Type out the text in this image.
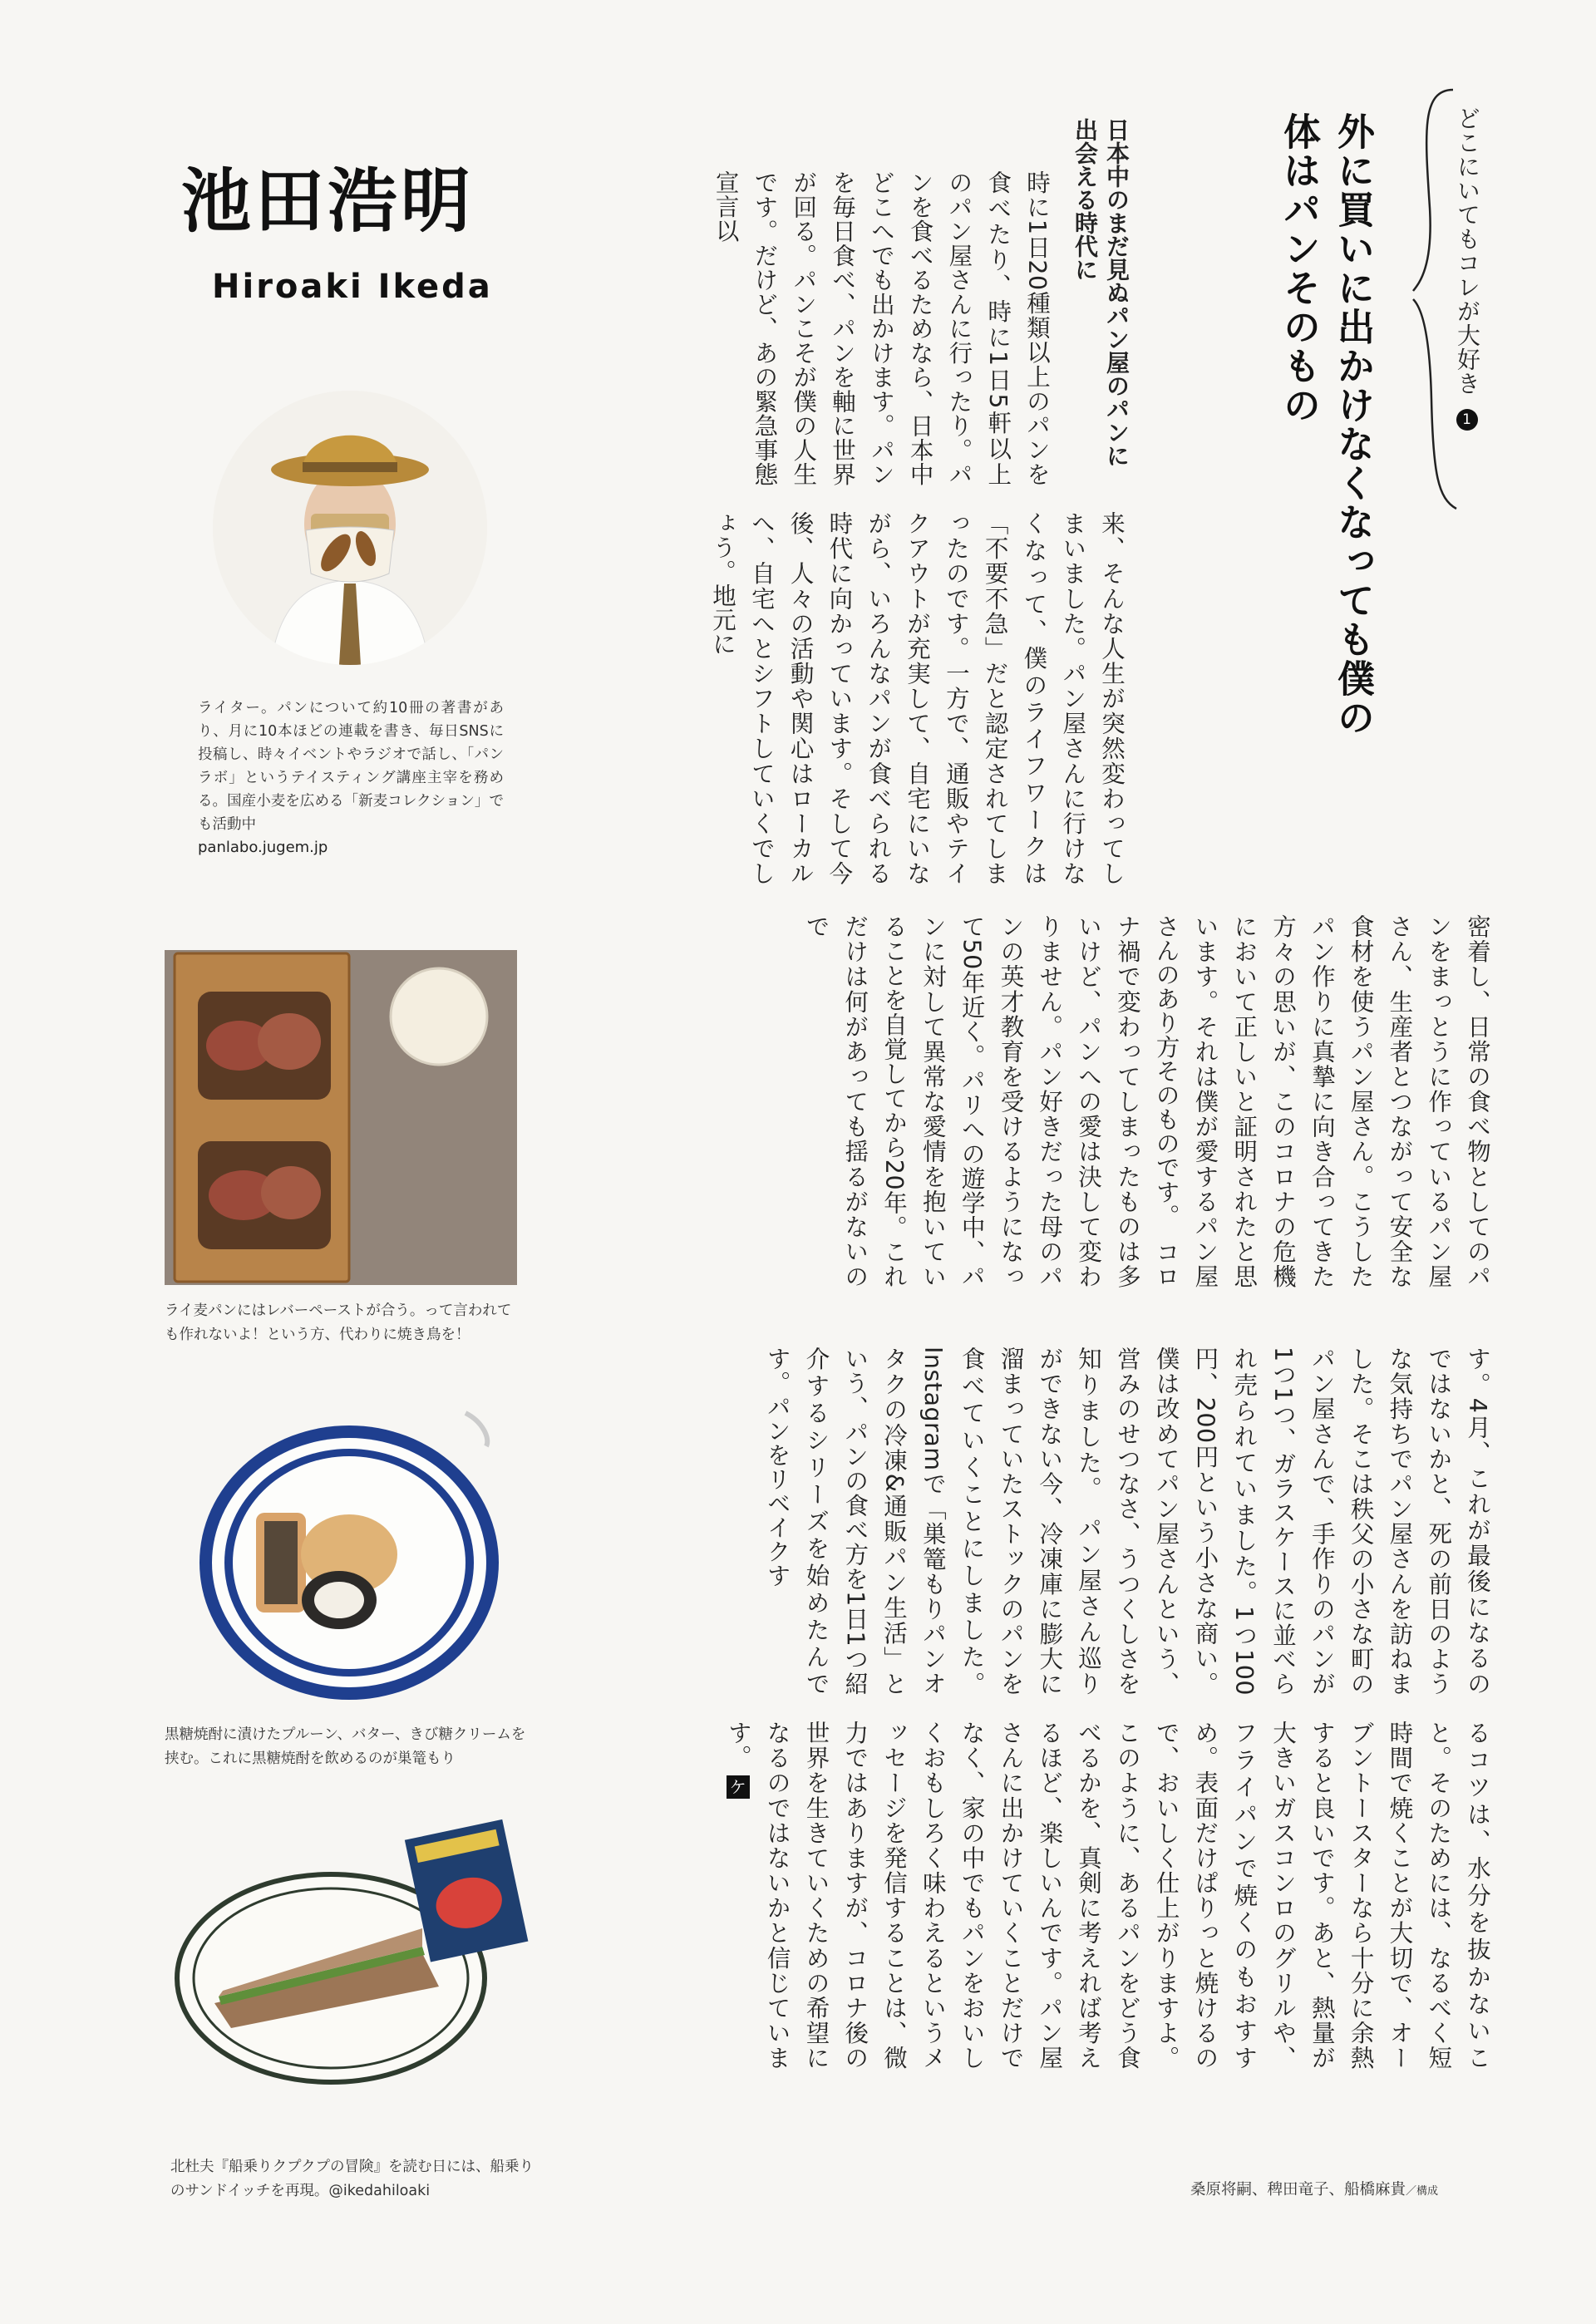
どこにいてもコレが大好き 1
外に買いに出かけなくなっても僕の体はパンそのもの
日本中のまだ見ぬパン屋のパンに出会える時代に
時に1日20種類以上のパンを食べたり、時に1日5軒以上のパン屋さんに行ったり。パンを食べるためなら、日本中どこへでも出かけます。パンを毎日食べ、パンを軸に世界が回る。パンこそが僕の人生です。だけど、あの緊急事態宣言以
来、そんな人生が突然変わってしまいました。パン屋さんに行けなくなって、僕のライフワークは「不要不急」だと認定されてしまったのです。一方で、通販やテイクアウトが充実して、自宅にいながら、いろんなパンが食べられる時代に向かっています。そして今後、人々の活動や関心はローカルへ、自宅へとシフトしていくでしょう。地元に
密着し、日常の食べ物としてのパンをまっとうに作っているパン屋さん、生産者とつながって安全な食材を使うパン屋さん。こうしたパン作りに真摯に向き合ってきた方々の思いが、このコロナの危機において正しいと証明されたと思います。それは僕が愛するパン屋さんのあり方そのものです。　コロナ禍で変わってしまったものは多いけど、パンへの愛は決して変わりません。パン好きだった母のパンの英才教育を受けるようになって50年近く。パリへの遊学中、パンに対して異常な愛情を抱いていることを自覚してから20年。これだけは何があっても揺るがないので
す。4月、これが最後になるのではないかと、死の前日のような気持ちでパン屋さんを訪ねました。そこは秩父の小さな町のパン屋さんで、手作りのパンが1つ1つ、ガラスケースに並べられ売られていました。1つ100円、200円という小さな商い。僕は改めてパン屋さんという、営みのせつなさ、うつくしさを知りました。　パン屋さん巡りができない今、冷凍庫に膨大に溜まっていたストックのパンを食べていくことにしました。Instagramで「巣篭もりパンオタクの冷凍&通販パン生活」という、パンの食べ方を1日1つ紹介するシリーズを始めたんです。パンをリベイクす
るコツは、水分を抜かないこと。そのためには、なるべく短時間で焼くことが大切で、オーブントースターなら十分に余熱すると良いです。あと、熱量が大きいガスコンロのグリルや、フライパンで焼くのもおすすめ。表面だけぱりっと焼けるので、おいしく仕上がりますよ。このように、あるパンをどう食べるかを、真剣に考えれば考えるほど、楽しいんです。パン屋さんに出かけていくことだけでなく、家の中でもパンをおいしくおもしろく味わえるというメッセージを発信することは、微力ではありますが、コロナ後の世界を生きていくための希望になるのではないかと信じています。ケ
池田浩明
Hiroaki Ikeda
ライター。パンについて約10冊の著書があり、月に10本ほどの連載を書き、毎日SNSに投稿し、時々イベントやラジオで話し、「パンラボ」というテイスティング講座主宰を務める。国産小麦を広める「新麦コレクション」でも活動中
panlabo.jugem.jp
ライ麦パンにはレバーペーストが合う。って言われても作れないよ！という方、代わりに焼き鳥を！
黒糖焼酎に漬けたプルーン、バター、きび糖クリームを挟む。これに黒糖焼酎を飲めるのが巣篭もり
北杜夫『船乗りクプクプの冒険』を読む日には、船乗りのサンドイッチを再現。@ikedahiloaki	桑原将嗣、稗田竜子、船橋麻貴／構成
